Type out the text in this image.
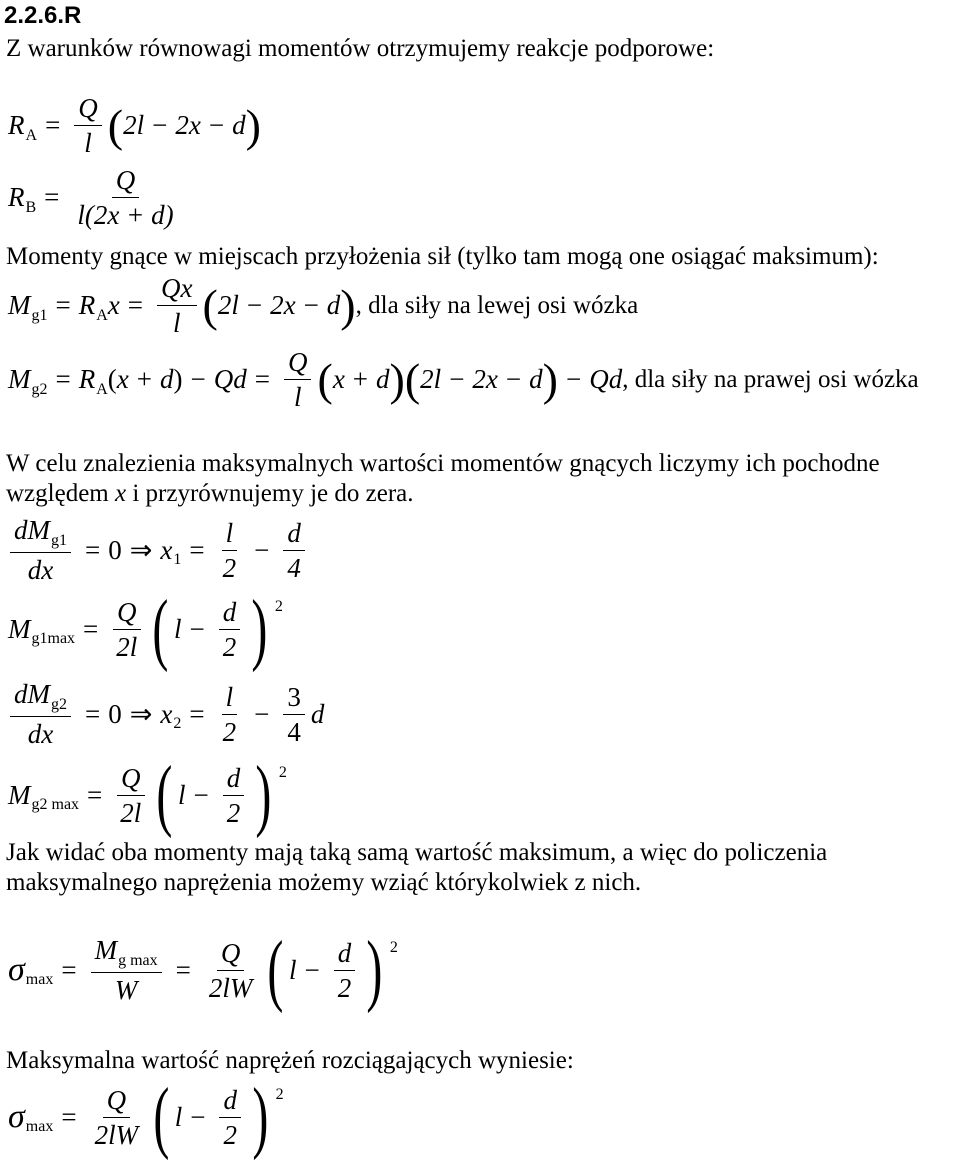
2.2.6.R
Z warunków równowagi momentów otrzymujemy reakcje podporowe:
R $A = \frac{Q}{l}$ ( 2l − 2x − d )
R $B = \frac{Q}{l(2x + d)}$
Momenty gnące w miejscach przyłożenia sił (tylko tam mogą one osiągać maksimum):
M g1 = R A $x = \frac{Qx}{l}$ ( 2l − 2x − d ) , dla siły na lewej osi wózka
M g2 = R A ( x + d ) − $Qd = \frac{Q}{l}$ ( x + d )( 2l − 2x − d ) − Qd , dla siły na prawej osi wózka
W celu znalezienia maksymalnych wartości momentów gnących liczymy ich pochodne
względem x i przyrównujemy je do zera.
$\frac{dM_{g1}}{dx} = 0$ ⇒ x $1 = \frac{l}{2} - \frac{d}{4}$
M $g1\max = \frac{Q}{2l}$ ( $l - \frac{d}{2}$ ) 2
$\frac{dM_{g2}}{dx} = 0$ ⇒ x $2 = \frac{l}{2} - \frac{3}{4}$ d
M g2 $\max = \frac{Q}{2l}$ ( $l - \frac{d}{2}$ ) 2
Jak widać oba momenty mają taką samą wartość maksimum, a więc do policzenia
maksymalnego naprężenia możemy wziąć którykolwiek z nich.
σ $\max = \frac{M_{g max}}{W} = \frac{Q}{2lW}$ ( $l - \frac{d}{2}$ ) 2
Maksymalna wartość naprężeń rozciągających wyniesie:
σ $\max = \frac{Q}{2lW}$ ( $l - \frac{d}{2}$ ) 2
